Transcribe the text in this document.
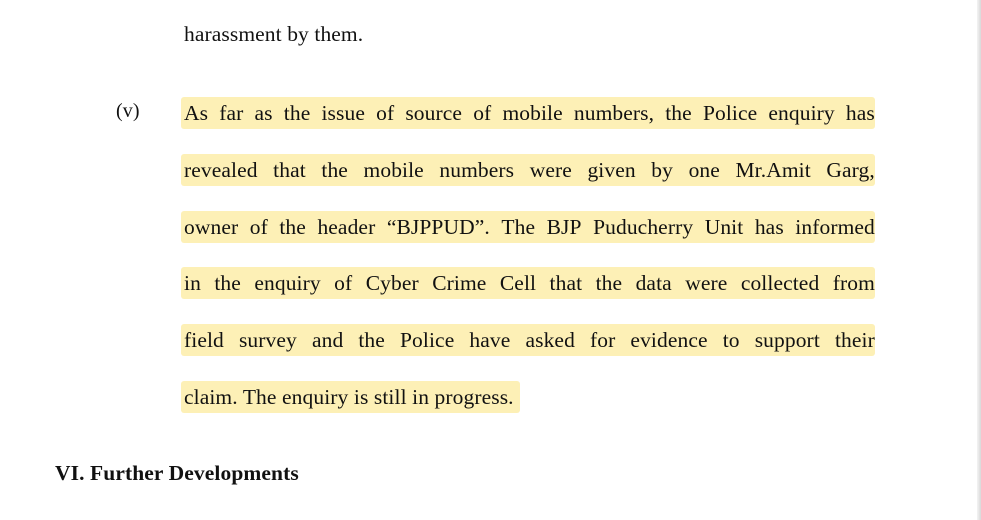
harassment by them.
(v) As far as the issue of source of mobile numbers, the Police enquiry has
revealed that the mobile numbers were given by one Mr.Amit Garg,
owner of the header “BJPPUD”. The BJP Puducherry Unit has informed
in the enquiry of Cyber Crime Cell that the data were collected from
field survey and the Police have asked for evidence to support their
claim. The enquiry is still in progress.
VI. Further Developments
